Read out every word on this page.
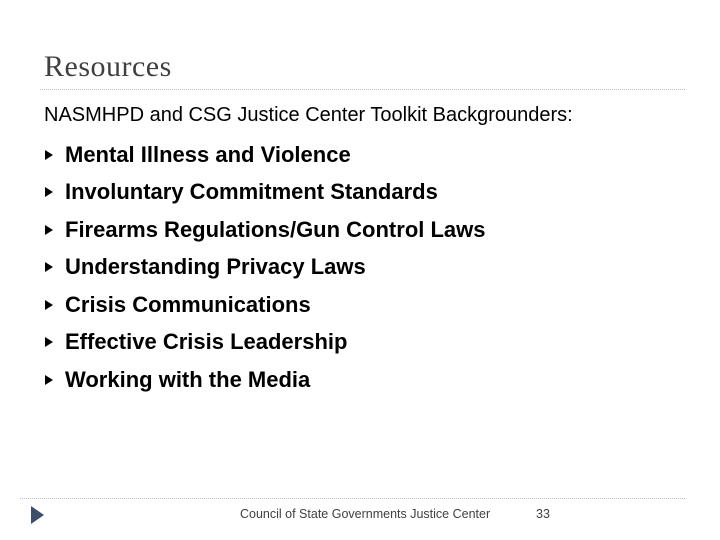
Resources
NASMHPD and CSG Justice Center Toolkit Backgrounders:
Mental Illness and Violence
Involuntary Commitment Standards
Firearms Regulations/Gun Control Laws
Understanding Privacy Laws
Crisis Communications
Effective Crisis Leadership
Working with the Media
Council of State Governments Justice Center	33
